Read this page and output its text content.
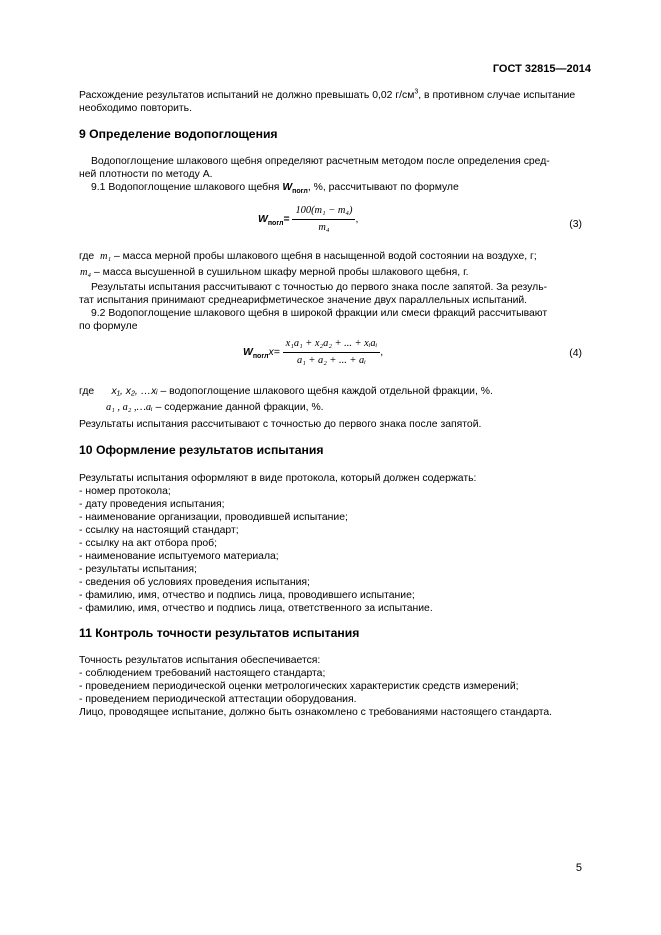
ГОСТ 32815—2014
Расхождение результатов испытаний не должно превышать 0,02 $г/см^3$, в противном случае испытание
необходимо повторить.
9 Определение водопоглощения
Водопоглощение шлакового щебня определяют расчетным методом после определения сред-
ней плотности по методу А.
9.1 Водопоглощение шлакового щебня $W_{погл}$, %, рассчитывают по формуле
$W_{погл}= \frac{\text{100(m₁ − m₄)}}{\text{m₄}}$ ,	(3)
где m₁ – масса мерной пробы шлакового щебня в насыщенной водой состоянии на воздухе, г;
m₄ – масса высушенной в сушильном шкафу мерной пробы шлакового щебня, г.
Результаты испытания рассчитывают с точностью до первого знака после запятой. За резуль-
тат испытания принимают среднеарифметическое значение двух параллельных испытаний.
9.2 Водопоглощение шлакового щебня в широкой фракции или смеси фракций рассчитывают
по формуле
$W_{погл}x= \frac{\text{x₁a₁ + x₂a₂ + ... + xᵢaᵢ}}{\text{a₁ + a₂ + ... + aᵢ}}$ ,	(4)
где x₁, x₂, …xᵢ – водопоглощение шлакового щебня каждой отдельной фракции, %.
a₁ , a₂ ,…aᵢ – содержание данной фракции, %.
Результаты испытания рассчитывают с точностью до первого знака после запятой.
10 Оформление результатов испытания
Результаты испытания оформляют в виде протокола, который должен содержать:
- номер протокола;
- дату проведения испытания;
- наименование организации, проводившей испытание;
- ссылку на настоящий стандарт;
- ссылку на акт отбора проб;
- наименование испытуемого материала;
- результаты испытания;
- сведения об условиях проведения испытания;
- фамилию, имя, отчество и подпись лица, проводившего испытание;
- фамилию, имя, отчество и подпись лица, ответственного за испытание.
11 Контроль точности результатов испытания
Точность результатов испытания обеспечивается:
- соблюдением требований настоящего стандарта;
- проведением периодической оценки метрологических характеристик средств измерений;
- проведением периодической аттестации оборудования.
Лицо, проводящее испытание, должно быть ознакомлено с требованиями настоящего стандарта.
5
